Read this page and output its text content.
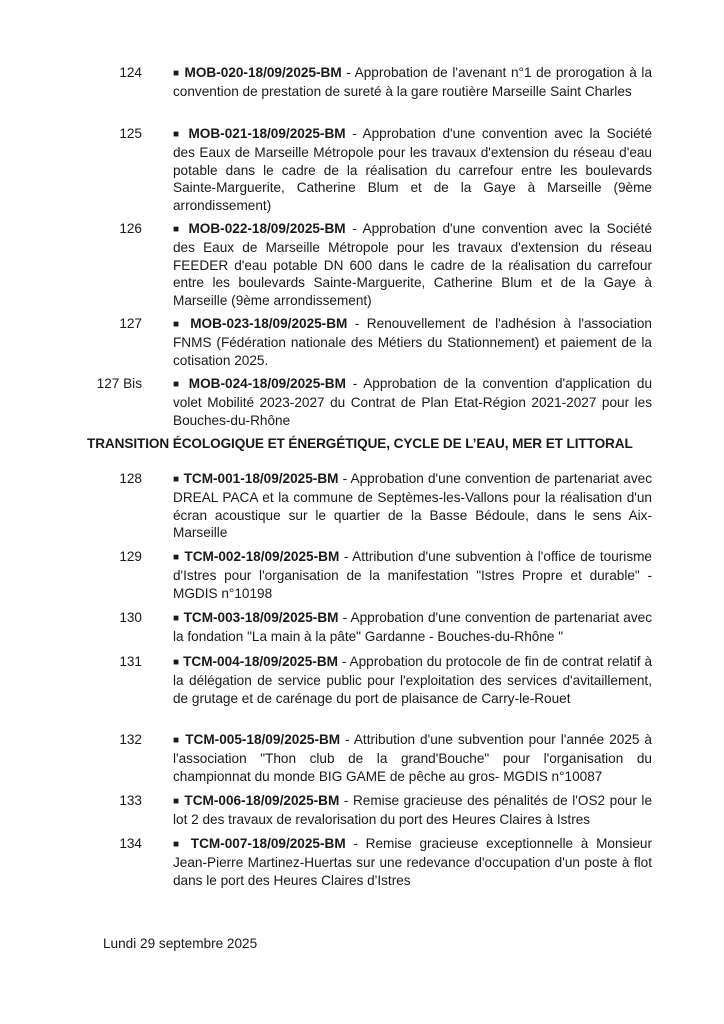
124	■ MOB-020-18/09/2025-BM - Approbation de l'avenant n°1 de prorogation à la convention de prestation de sureté à la gare routière Marseille Saint Charles
125	■ MOB-021-18/09/2025-BM - Approbation d'une convention avec la Société des Eaux de Marseille Métropole pour les travaux d'extension du réseau d'eau potable dans le cadre de la réalisation du carrefour entre les boulevards Sainte-Marguerite, Catherine Blum et de la Gaye à Marseille (9ème arrondissement)
126	■ MOB-022-18/09/2025-BM - Approbation d'une convention avec la Société des Eaux de Marseille Métropole pour les travaux d'extension du réseau FEEDER d'eau potable DN 600 dans le cadre de la réalisation du carrefour entre les boulevards Sainte-Marguerite, Catherine Blum et de la Gaye à Marseille (9ème arrondissement)
127	■ MOB-023-18/09/2025-BM - Renouvellement de l'adhésion à l'association FNMS (Fédération nationale des Métiers du Stationnement) et paiement de la cotisation 2025.
127 Bis	■ MOB-024-18/09/2025-BM - Approbation de la convention d'application du volet Mobilité 2023-2027 du Contrat de Plan Etat-Région 2021-2027 pour les Bouches-du-Rhône
TRANSITION ÉCOLOGIQUE ET ÉNERGÉTIQUE, CYCLE DE L’EAU, MER ET LITTORAL
128	■ TCM-001-18/09/2025-BM - Approbation d'une convention de partenariat avec DREAL PACA et la commune de Septèmes-les-Vallons pour la réalisation d'un écran acoustique sur le quartier de la Basse Bédoule, dans le sens Aix-Marseille
129	■ TCM-002-18/09/2025-BM - Attribution d'une subvention à l'office de tourisme d'Istres pour l'organisation de la manifestation "Istres Propre et durable" - MGDIS n°10198
130	■ TCM-003-18/09/2025-BM - Approbation d'une convention de partenariat avec la fondation "La main à la pâte" Gardanne - Bouches-du-Rhône "
131	■ TCM-004-18/09/2025-BM - Approbation du protocole de fin de contrat relatif à la délégation de service public pour l'exploitation des services d'avitaillement, de grutage et de carénage du port de plaisance de Carry-le-Rouet
132	■ TCM-005-18/09/2025-BM - Attribution d'une subvention pour l'année 2025 à l'association "Thon club de la grand'Bouche" pour l'organisation du championnat du monde BIG GAME de pêche au gros- MGDIS n°10087
133	■ TCM-006-18/09/2025-BM - Remise gracieuse des pénalités de l'OS2 pour le lot 2 des travaux de revalorisation du port des Heures Claires à Istres
134	■ TCM-007-18/09/2025-BM - Remise gracieuse exceptionnelle à Monsieur Jean-Pierre Martinez-Huertas sur une redevance d'occupation d'un poste à flot dans le port des Heures Claires d'Istres
Lundi 29 septembre 2025
